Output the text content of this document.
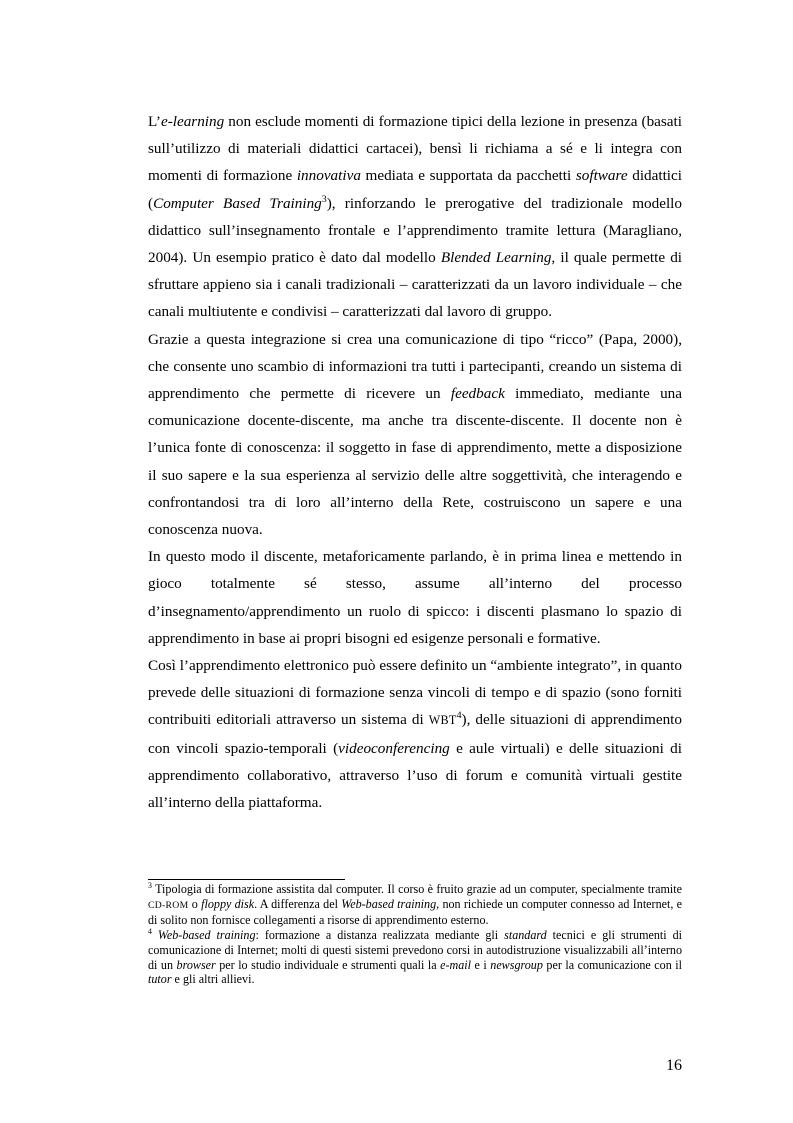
L’e-learning non esclude momenti di formazione tipici della lezione in presenza (basati sull’utilizzo di materiali didattici cartacei), bensì li richiama a sé e li integra con momenti di formazione innovativa mediata e supportata da pacchetti software didattici (Computer Based Training$^3$), rinforzando le prerogative del tradizionale modello didattico sull’insegnamento frontale e l’apprendimento tramite lettura (Maragliano, 2004). Un esempio pratico è dato dal modello Blended Learning, il quale permette di sfruttare appieno sia i canali tradizionali – caratterizzati da un lavoro individuale – che canali multiutente e condivisi – caratterizzati dal lavoro di gruppo.

Grazie a questa integrazione si crea una comunicazione di tipo “ricco” (Papa, 2000), che consente uno scambio di informazioni tra tutti i partecipanti, creando un sistema di apprendimento che permette di ricevere un feedback immediato, mediante una comunicazione docente-discente, ma anche tra discente-discente. Il docente non è l’unica fonte di conoscenza: il soggetto in fase di apprendimento, mette a disposizione il suo sapere e la sua esperienza al servizio delle altre soggettività, che interagendo e confrontandosi tra di loro all’interno della Rete, costruiscono un sapere e una conoscenza nuova.

In questo modo il discente, metaforicamente parlando, è in prima linea e mettendo in gioco totalmente sé stesso, assume all’interno del processo d’insegnamento/apprendimento un ruolo di spicco: i discenti plasmano lo spazio di apprendimento in base ai propri bisogni ed esigenze personali e formative.

Così l’apprendimento elettronico può essere definito un “ambiente integrato”, in quanto prevede delle situazioni di formazione senza vincoli di tempo e di spazio (sono forniti contribuiti editoriali attraverso un sistema di WBT$^4$), delle situazioni di apprendimento con vincoli spazio-temporali (videoconferencing e aule virtuali) e delle situazioni di apprendimento collaborativo, attraverso l’uso di forum e comunità virtuali gestite all’interno della piattaforma.

$^3$ Tipologia di formazione assistita dal computer. Il corso è fruito grazie ad un computer, specialmente tramite CD-ROM o floppy disk. A differenza del Web-based training, non richiede un computer connesso ad Internet, e di solito non fornisce collegamenti a risorse di apprendimento esterno.

$^4$ Web-based training: formazione a distanza realizzata mediante gli standard tecnici e gli strumenti di comunicazione di Internet; molti di questi sistemi prevedono corsi in autodistruzione visualizzabili all’interno di un browser per lo studio individuale e strumenti quali la e-mail e i newsgroup per la comunicazione con il tutor e gli altri allievi.

16
